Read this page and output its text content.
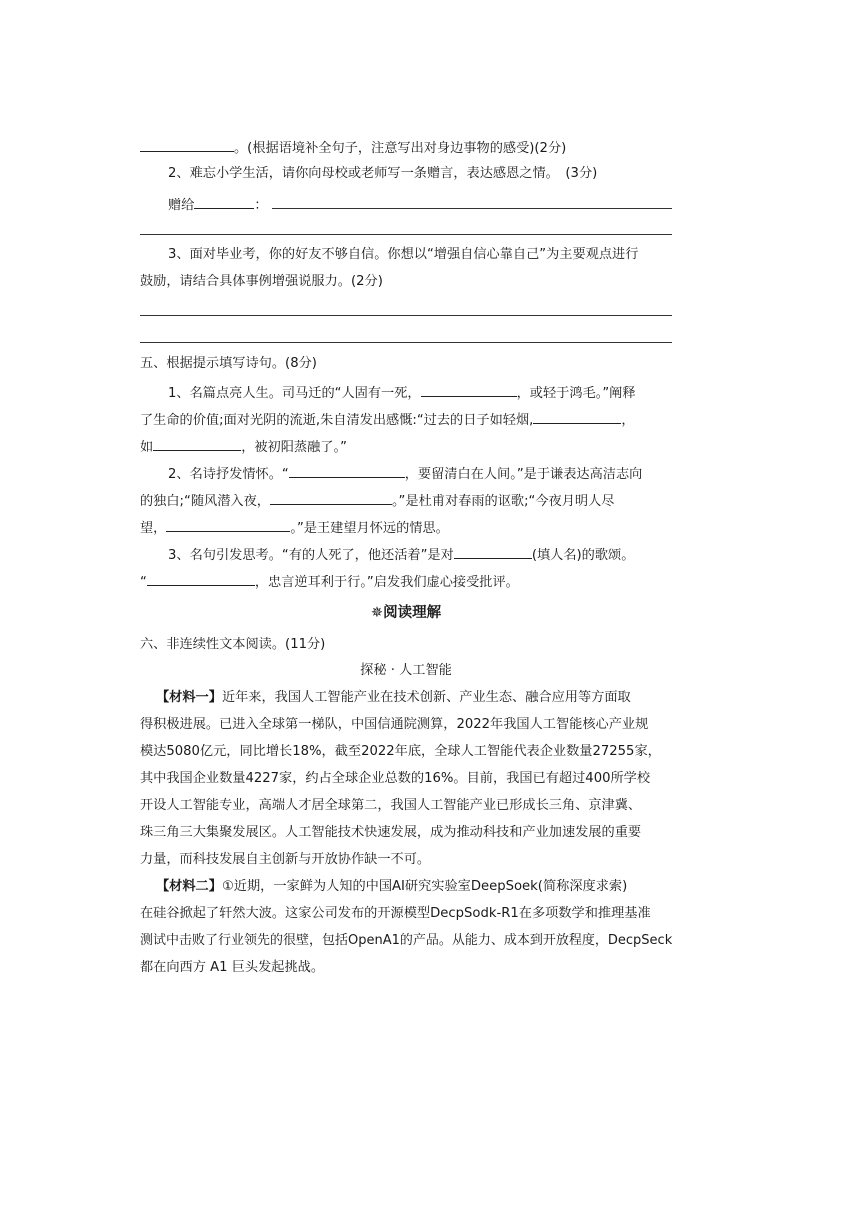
。(根据语境补全句子，注意写出对身边事物的感受)(2分)
2、难忘小学生活，请你向母校或老师写一条赠言，表达感恩之情。　(3分)
赠给	：
3、面对毕业考，你的好友不够自信。你想以“增强自信心靠自己”为主要观点进行
鼓励，请结合具体事例增强说服力。(2分)
五、根据提示填写诗句。(8分)
1、名篇点亮人生。司马迁的“人固有一死，	，或轻于鸿毛。”阐释
了生命的价值;面对光阴的流逝,朱自清发出感慨:“过去的日子如轻烟,	，
如	，被初阳蒸融了。”
2、名诗抒发情怀。“	，要留清白在人间。”是于谦表达高洁志向
的独白;“随风潜入夜，	。”是杜甫对春雨的讴歌;“今夜月明人尽
望，	。”是王建望月怀远的情思。
3、名句引发思考。“有的人死了，他还活着”是对	(填人名)的歌颂。
“	，忠言逆耳利于行。”启发我们虚心接受批评。
✵阅读理解
六、非连续性文本阅读。(11分)
探秘 · 人工智能
【材料一】近年来，我国人工智能产业在技术创新、产业生态、融合应用等方面取
得积极进展。已进入全球第一梯队，中国信通院测算，2022年我国人工智能核心产业规
模达5080亿元，同比增长18%，截至2022年底，全球人工智能代表企业数量27255家，
其中我国企业数量4227家，约占全球企业总数的16%。目前，我国已有超过400所学校
开设人工智能专业，高端人才居全球第二，我国人工智能产业已形成长三角、京津冀、
珠三角三大集聚发展区。人工智能技术快速发展，成为推动科技和产业加速发展的重要
力量，而科技发展自主创新与开放协作缺一不可。
【材料二】①近期，一家鲜为人知的中国AI研究实验室DeepSoek(简称深度求索)
在硅谷掀起了轩然大波。这家公司发布的开源模型DecpSodk-R1在多项数学和推理基准
测试中击败了行业领先的很壁，包括OpenA1的产品。从能力、成本到开放程度，DecpSeck
都在向西方 A1 巨头发起挑战。
